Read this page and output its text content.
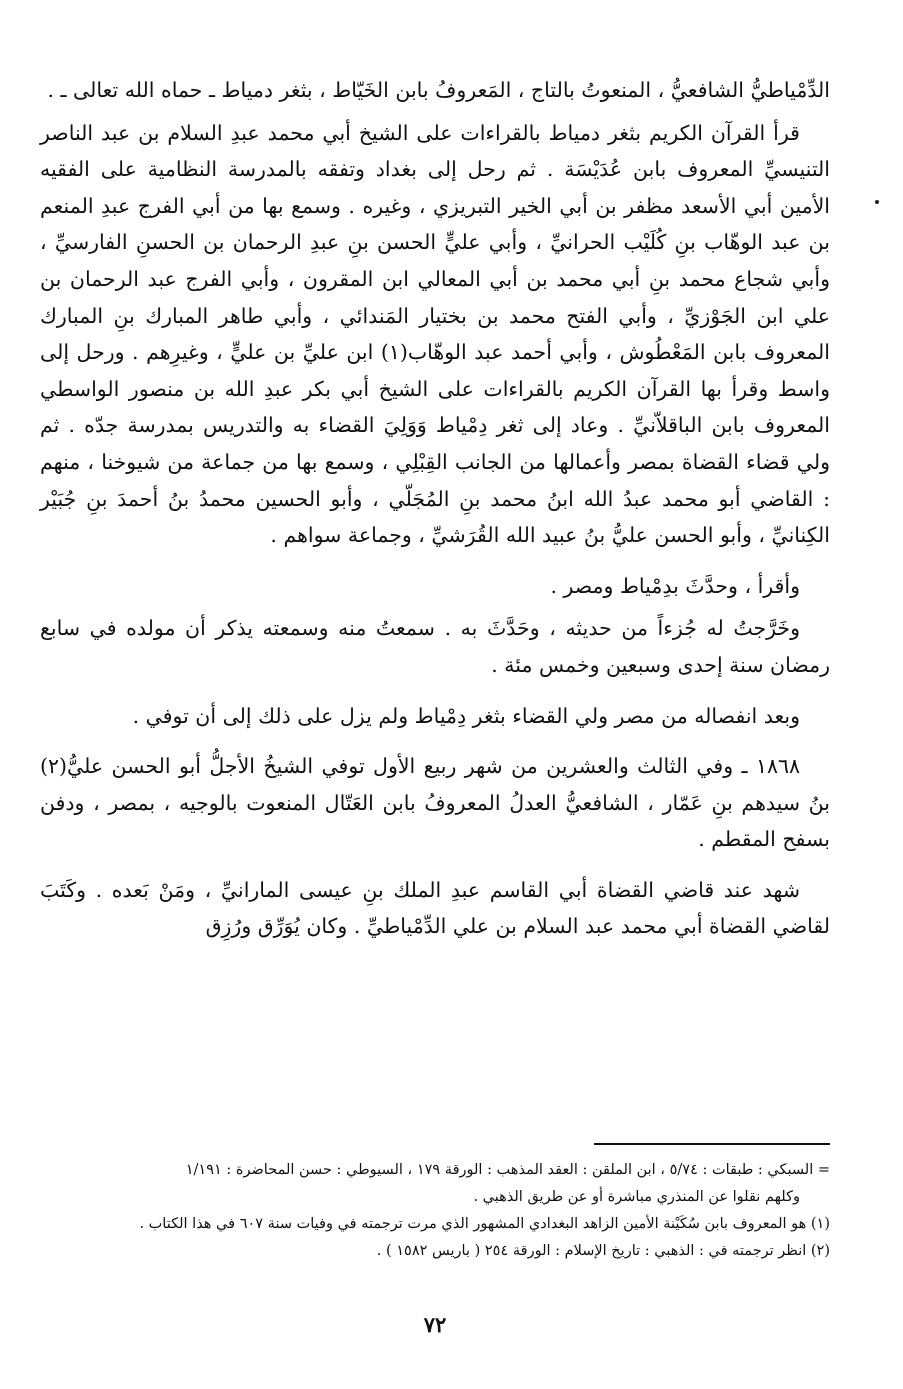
الدِّمْياطيُّ الشافعيُّ ، المنعوتُ بالتاج ، المَعروفُ بابن الخَيّاط ، بثغر دمياط ـ حماه الله تعالى ـ .

قرأ القرآن الكريم بثغر دمياط بالقراءات على الشيخ أبي محمد عبدِ السلام بن عبد الناصر التنيسيِّ المعروف بابن عُدَيْسَة . ثم رحل إلى بغداد وتفقه بالمدرسة النظامية على الفقيه الأمين أبي الأسعد مظفر بن أبي الخير التبريزي ، وغيره . وسمع بها من أبي الفرج عبدِ المنعم بن عبد الوهّاب بنِ كُلَيْب الحرانيِّ ، وأبي عليٍّ الحسن بنِ عبدِ الرحمان بن الحسنِ الفارسيِّ ، وأبي شجاع محمد بنِ أبي محمد بن أبي المعالي ابن المقرون ، وأبي الفرج عبد الرحمان بن علي ابن الجَوْزيِّ ، وأبي الفتح محمد بن بختيار المَندائي ، وأبي طاهر المبارك بنِ المبارك المعروف بابن المَعْطُوش ، وأبي أحمد عبد الوهّاب(١) ابن عليِّ بن عليٍّ ، وغيرِهم . ورحل إلى واسط وقرأ بها القرآن الكريم بالقراءات على الشيخ أبي بكر عبدِ الله بن منصور الواسطي المعروف بابن الباقلاّنيِّ . وعاد إلى ثغر دِمْياط وَوَلِيَ القضاء به والتدريس بمدرسة جدّه . ثم ولي قضاء القضاة بمصر وأعمالها من الجانب القِبْلِي ، وسمع بها من جماعة من شيوخنا ، منهم : القاضي أبو محمد عبدُ الله ابنُ محمد بنِ المُجَلّي ، وأبو الحسين محمدُ بنُ أحمدَ بنِ جُبَيْر الكِنانيِّ ، وأبو الحسن عليُّ بنُ عبيد الله القُرَشيِّ ، وجماعة سواهم .

وأقرأ ، وحدَّثَ بدِمْياط ومصر .

وخَرَّجتُ له جُزءاً من حديثه ، وحَدَّثَ به . سمعتُ منه وسمعته يذكر أن مولده في سابع رمضان سنة إحدى وسبعين وخمس مئة .

وبعد انفصاله من مصر ولي القضاء بثغر دِمْياط ولم يزل على ذلك إلى أن توفي .

١٨٦٨ ـ وفي الثالث والعشرين من شهر ربيع الأول توفي الشيخُ الأجلُّ أبو الحسن عليُّ(٢) بنُ سيدهم بنِ عَمّار ، الشافعيُّ العدلُ المعروفُ بابن العَتّال المنعوت بالوجيه ، بمصر ، ودفن بسفح المقطم .

شهد عند قاضي القضاة أبي القاسم عبدِ الملك بنِ عيسى المارانيِّ ، ومَنْ بَعده . وكَتَبَ لقاضي القضاة أبي محمد عبد السلام بن علي الدِّمْياطيِّ . وكان يُوَرِّق ورُزِق

= السبكي : طبقات : ٥/٧٤ ، ابن الملقن : العقد المذهب : الورقة ١٧٩ ، السيوطي : حسن المحاضرة : ١/١٩١

وكلهم نقلوا عن المنذري مباشرة أو عن طريق الذهبي .

(١) هو المعروف بابن سُكَيْنة الأمين الزاهد البغدادي المشهور الذي مرت ترجمته في وفيات سنة ٦٠٧ في هذا الكتاب .

(٢) انظر ترجمته في : الذهبي : تاريخ الإسلام : الورقة ٢٥٤ ( باريس ١٥٨٢ ) .

٧٢
